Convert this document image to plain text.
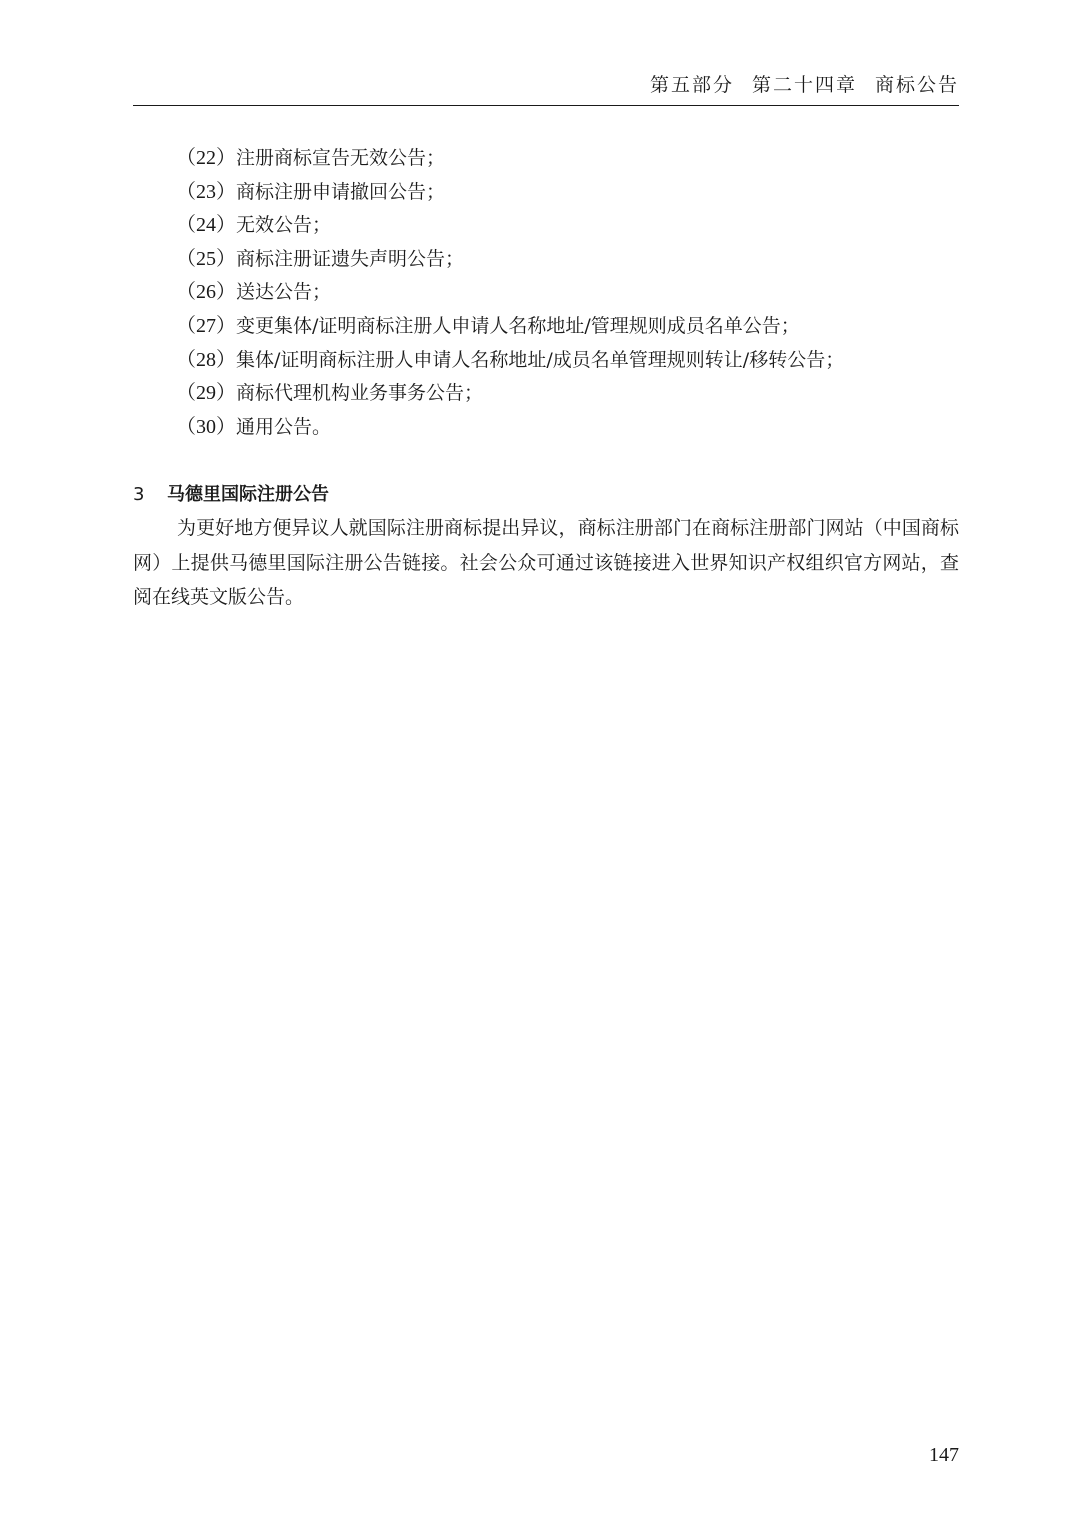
第五部分 第二十四章 商标公告
（22）注册商标宣告无效公告；
（23）商标注册申请撤回公告；
（24）无效公告；
（25）商标注册证遗失声明公告；
（26）送达公告；
（27）变更集体/证明商标注册人申请人名称地址/管理规则成员名单公告；
（28）集体/证明商标注册人申请人名称地址/成员名单管理规则转让/移转公告；
（29）商标代理机构业务事务公告；
（30）通用公告。
3 马德里国际注册公告

为更好地方便异议人就国际注册商标提出异议，商标注册部门在商标注册部门网站（中国商标网）上提供马德里国际注册公告链接。社会公众可通过该链接进入世界知识产权组织官方网站，查阅在线英文版公告。

147
